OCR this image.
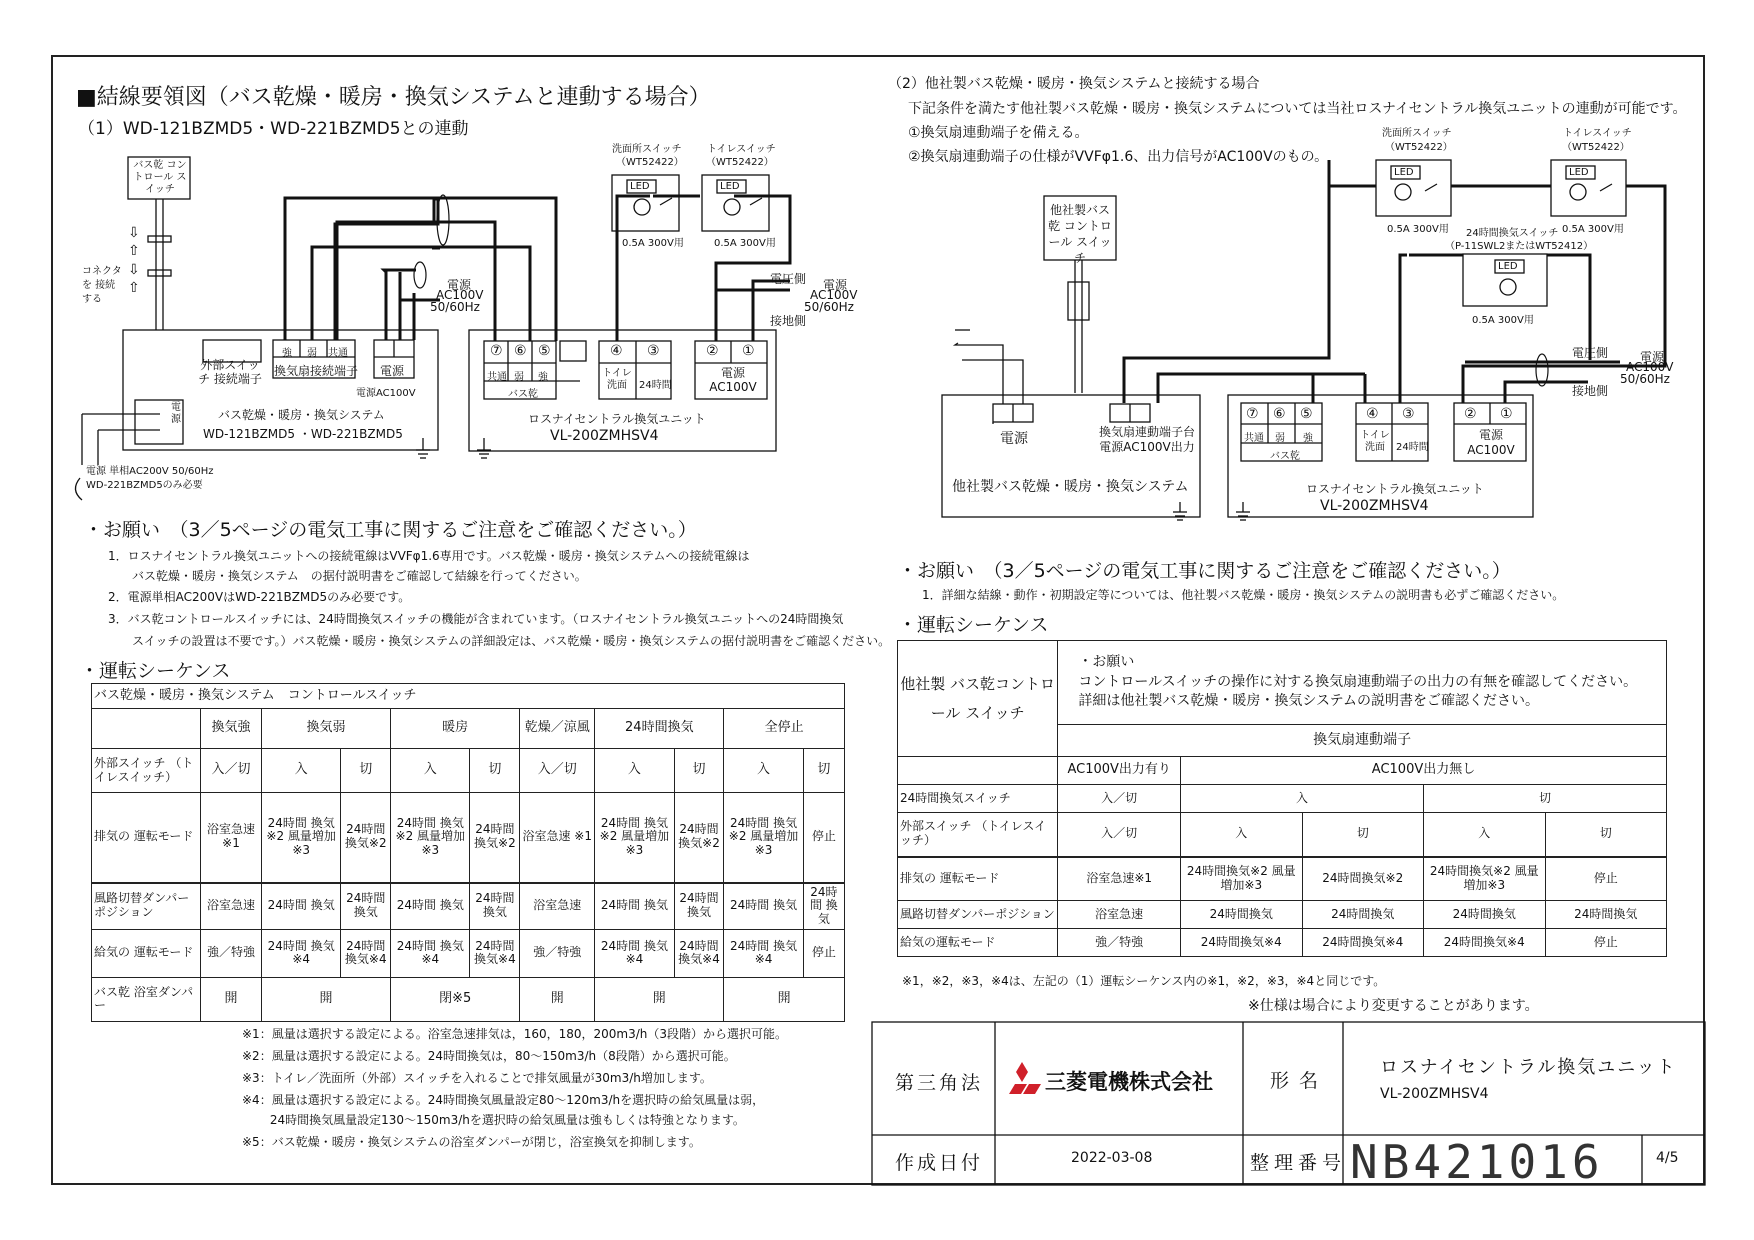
■結線要領図（バス乾燥・暖房・換気システムと連動する場合）
（1）WD-121BZMD5・WD-221BZMD5との連動
バス乾 コントロール スイッチ
コネクタを 接続する
⇩
⇧
⇩
⇧
洗面所スイッチ
（WT52422）
トイレスイッチ
（WT52422）
LED	LED
0.5A 300V用	0.5A 300V用
電源
AC100V
50/60Hz
電圧側 電源
AC100V
50/60Hz
接地側
外部スイッチ 接続端子
強 弱 共通
換気扇接続端子 電源
電源AC100V
バス乾燥・暖房・換気システム
WD-121BZMD5 ・WD-221BZMD5
電源
電源 単相AC200V 50/60Hz
WD-221BZMD5のみ必要
⑦ ⑥ ⑤	④ ③	② ①
共通 弱 強
バス乾
トイレ 洗面	24時間
電源 AC100V
ロスナイセントラル換気ユニット
VL-200ZMHSV4
・お願い　（3／5ページの電気工事に関するご注意をご確認ください。）
1．ロスナイセントラル換気ユニットへの接続電線はVVFφ1.6専用です。バス乾燥・暖房・換気システムへの接続電線は
　　バス乾燥・暖房・換気システム　の据付説明書をご確認して結線を行ってください。
2．電源単相AC200VはWD-221BZMD5のみ必要です。
3．バス乾コントロールスイッチには、24時間換気スイッチの機能が含まれています。（ロスナイセントラル換気ユニットへの24時間換気
　　スイッチの設置は不要です。）バス乾燥・暖房・換気システムの詳細設定は、バス乾燥・暖房・換気システムの据付説明書をご確認ください。
・運転シーケンス
バス乾燥・暖房・換気システム　コントロールスイッチ										
	換気強	換気弱		暖房		乾燥／涼風	24時間換気		全停止	
外部スイッチ （トイレスイッチ）	入／切	入	切	入	切	入／切	入	切	入	切
排気の 運転モード	浴室急速 ※1	24時間 換気※2 風量増加 ※3	24時間 換気※2	24時間 換気※2 風量増加 ※3	24時間 換気※2	浴室急速 ※1	24時間 換気※2 風量増加 ※3	24時間 換気※2	24時間 換気※2 風量増加 ※3	停止
風路切替ダンパー ポジション	浴室急速	24時間 換気	24時間 換気	24時間 換気	24時間 換気	浴室急速	24時間 換気	24時間 換気	24時間 換気	24時間 換気
給気の 運転モード	強／特強	24時間 換気※4	24時間 換気※4	24時間 換気※4	24時間 換気※4	強／特強	24時間 換気※4	24時間 換気※4	24時間 換気※4	停止
バス乾 浴室ダンパー	開	開		閉※5		開	開		開	
※1：風量は選択する設定による。浴室急速排気は，160，180，200m3/h（3段階）から選択可能。
※2：風量は選択する設定による。24時間換気は，80～150m3/h（8段階）から選択可能。
※3：トイレ／洗面所（外部）スイッチを入れることで排気風量が30m3/h増加します。
※4：風量は選択する設定による。24時間換気風量設定80～120m3/hを選択時の給気風量は弱，
　　 24時間換気風量設定130～150m3/hを選択時の給気風量は強もしくは特強となります。
※5：バス乾燥・暖房・換気システムの浴室ダンパーが閉じ，浴室換気を抑制します。
（2）他社製バス乾燥・暖房・換気システムと接続する場合
下記条件を満たす他社製バス乾燥・暖房・換気システムについては当社ロスナイセントラル換気ユニットの連動が可能です。
①換気扇連動端子を備える。
②換気扇連動端子の仕様がVVFφ1.6、出力信号がAC100Vのもの。
他社製バス乾 コントロール スイッチ
洗面所スイッチ
（WT52422）
トイレスイッチ
（WT52422）
24時間換気スイッチ
（P-11SWL2またはWT52412）
LED	LED
LED
0.5A 300V用	0.5A 300V用
0.5A 300V用
電圧側
接地側
電源
AC100V
50/60Hz
電源	換気扇連動端子台 電源AC100V出力
他社製バス乾燥・暖房・換気システム
⑦ ⑥ ⑤	④ ③	② ①
共通 弱 強
バス乾
トイレ 洗面	24時間
電源 AC100V
ロスナイセントラル換気ユニット
VL-200ZMHSV4
・お願い　（3／5ページの電気工事に関するご注意をご確認ください。）
1．詳細な結線・動作・初期設定等については、他社製バス乾燥・暖房・換気システムの説明書も必ずご確認ください。
・運転シーケンス
他社製 バス乾コントロール スイッチ	・お願い
コントロールスイッチの操作に対する換気扇連動端子の出力の有無を確認してください。
詳細は他社製バス乾燥・暖房・換気システムの説明書をご確認ください。				

	換気扇連動端子				
	AC100V出力有り	AC100V出力無し			
24時間換気スイッチ	入／切	入		切	
外部スイッチ （トイレスイッチ）	入／切	入	切	入	切
排気の 運転モード	浴室急速※1	24時間換気※2 風量増加※3	24時間換気※2	24時間換気※2 風量増加※3	停止
風路切替ダンパーポジション	浴室急速	24時間換気	24時間換気	24時間換気	24時間換気
給気の運転モード	強／特強	24時間換気※4	24時間換気※4	24時間換気※4	停止
※1，※2，※3，※4は、左記の（1）運転シーケンス内の※1，※2，※3，※4と同じです。
※仕様は場合により変更することがあります。
第三角法	三菱電機株式会社	形名
ロスナイセントラル換気ユニット
VL-200ZMHSV4
作成日付	2022-03-08	整理番号 NB421016	4/5
